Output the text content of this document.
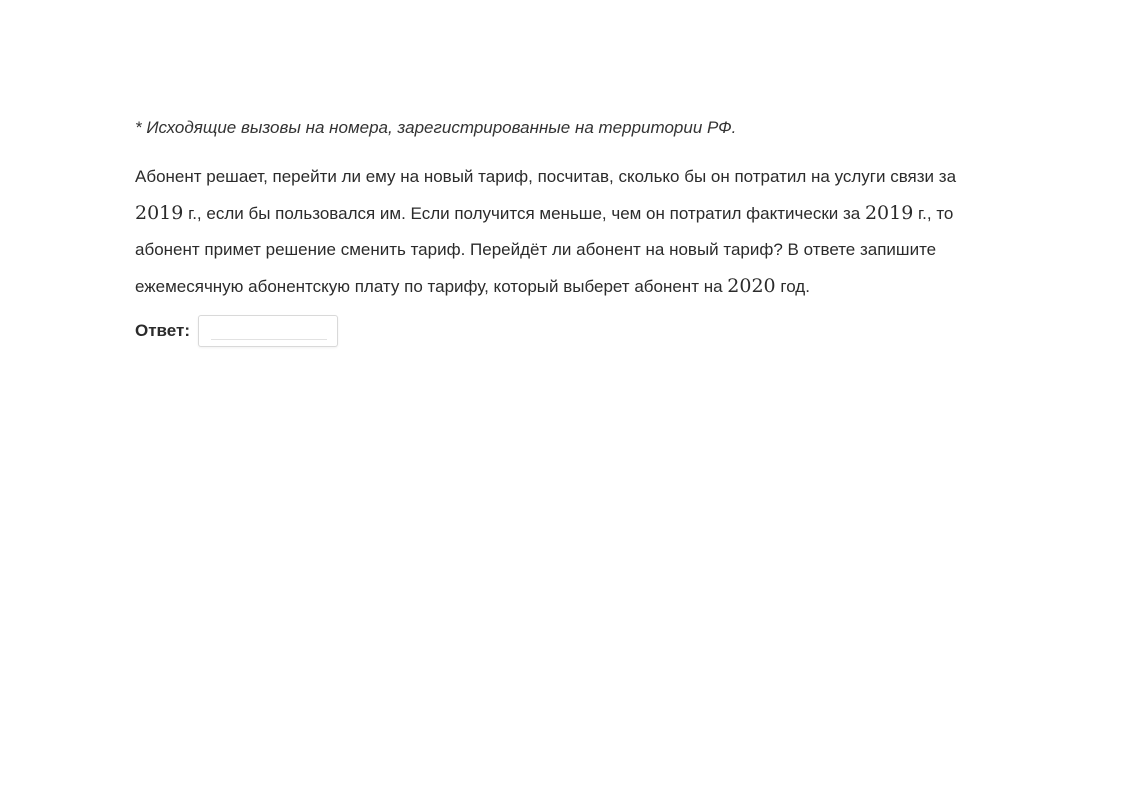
* Исходящие вызовы на номера, зарегистрированные на территории РФ.

Абонент решает, перейти ли ему на новый тариф, посчитав, сколько бы он потратил на услуги связи за 2019 г., если бы пользовался им. Если получится меньше, чем он потратил фактически за 2019 г., то абонент примет решение сменить тариф. Перейдёт ли абонент на новый тариф? В ответе запишите ежемесячную абонентскую плату по тарифу, который выберет абонент на 2020 год.

Ответ:
